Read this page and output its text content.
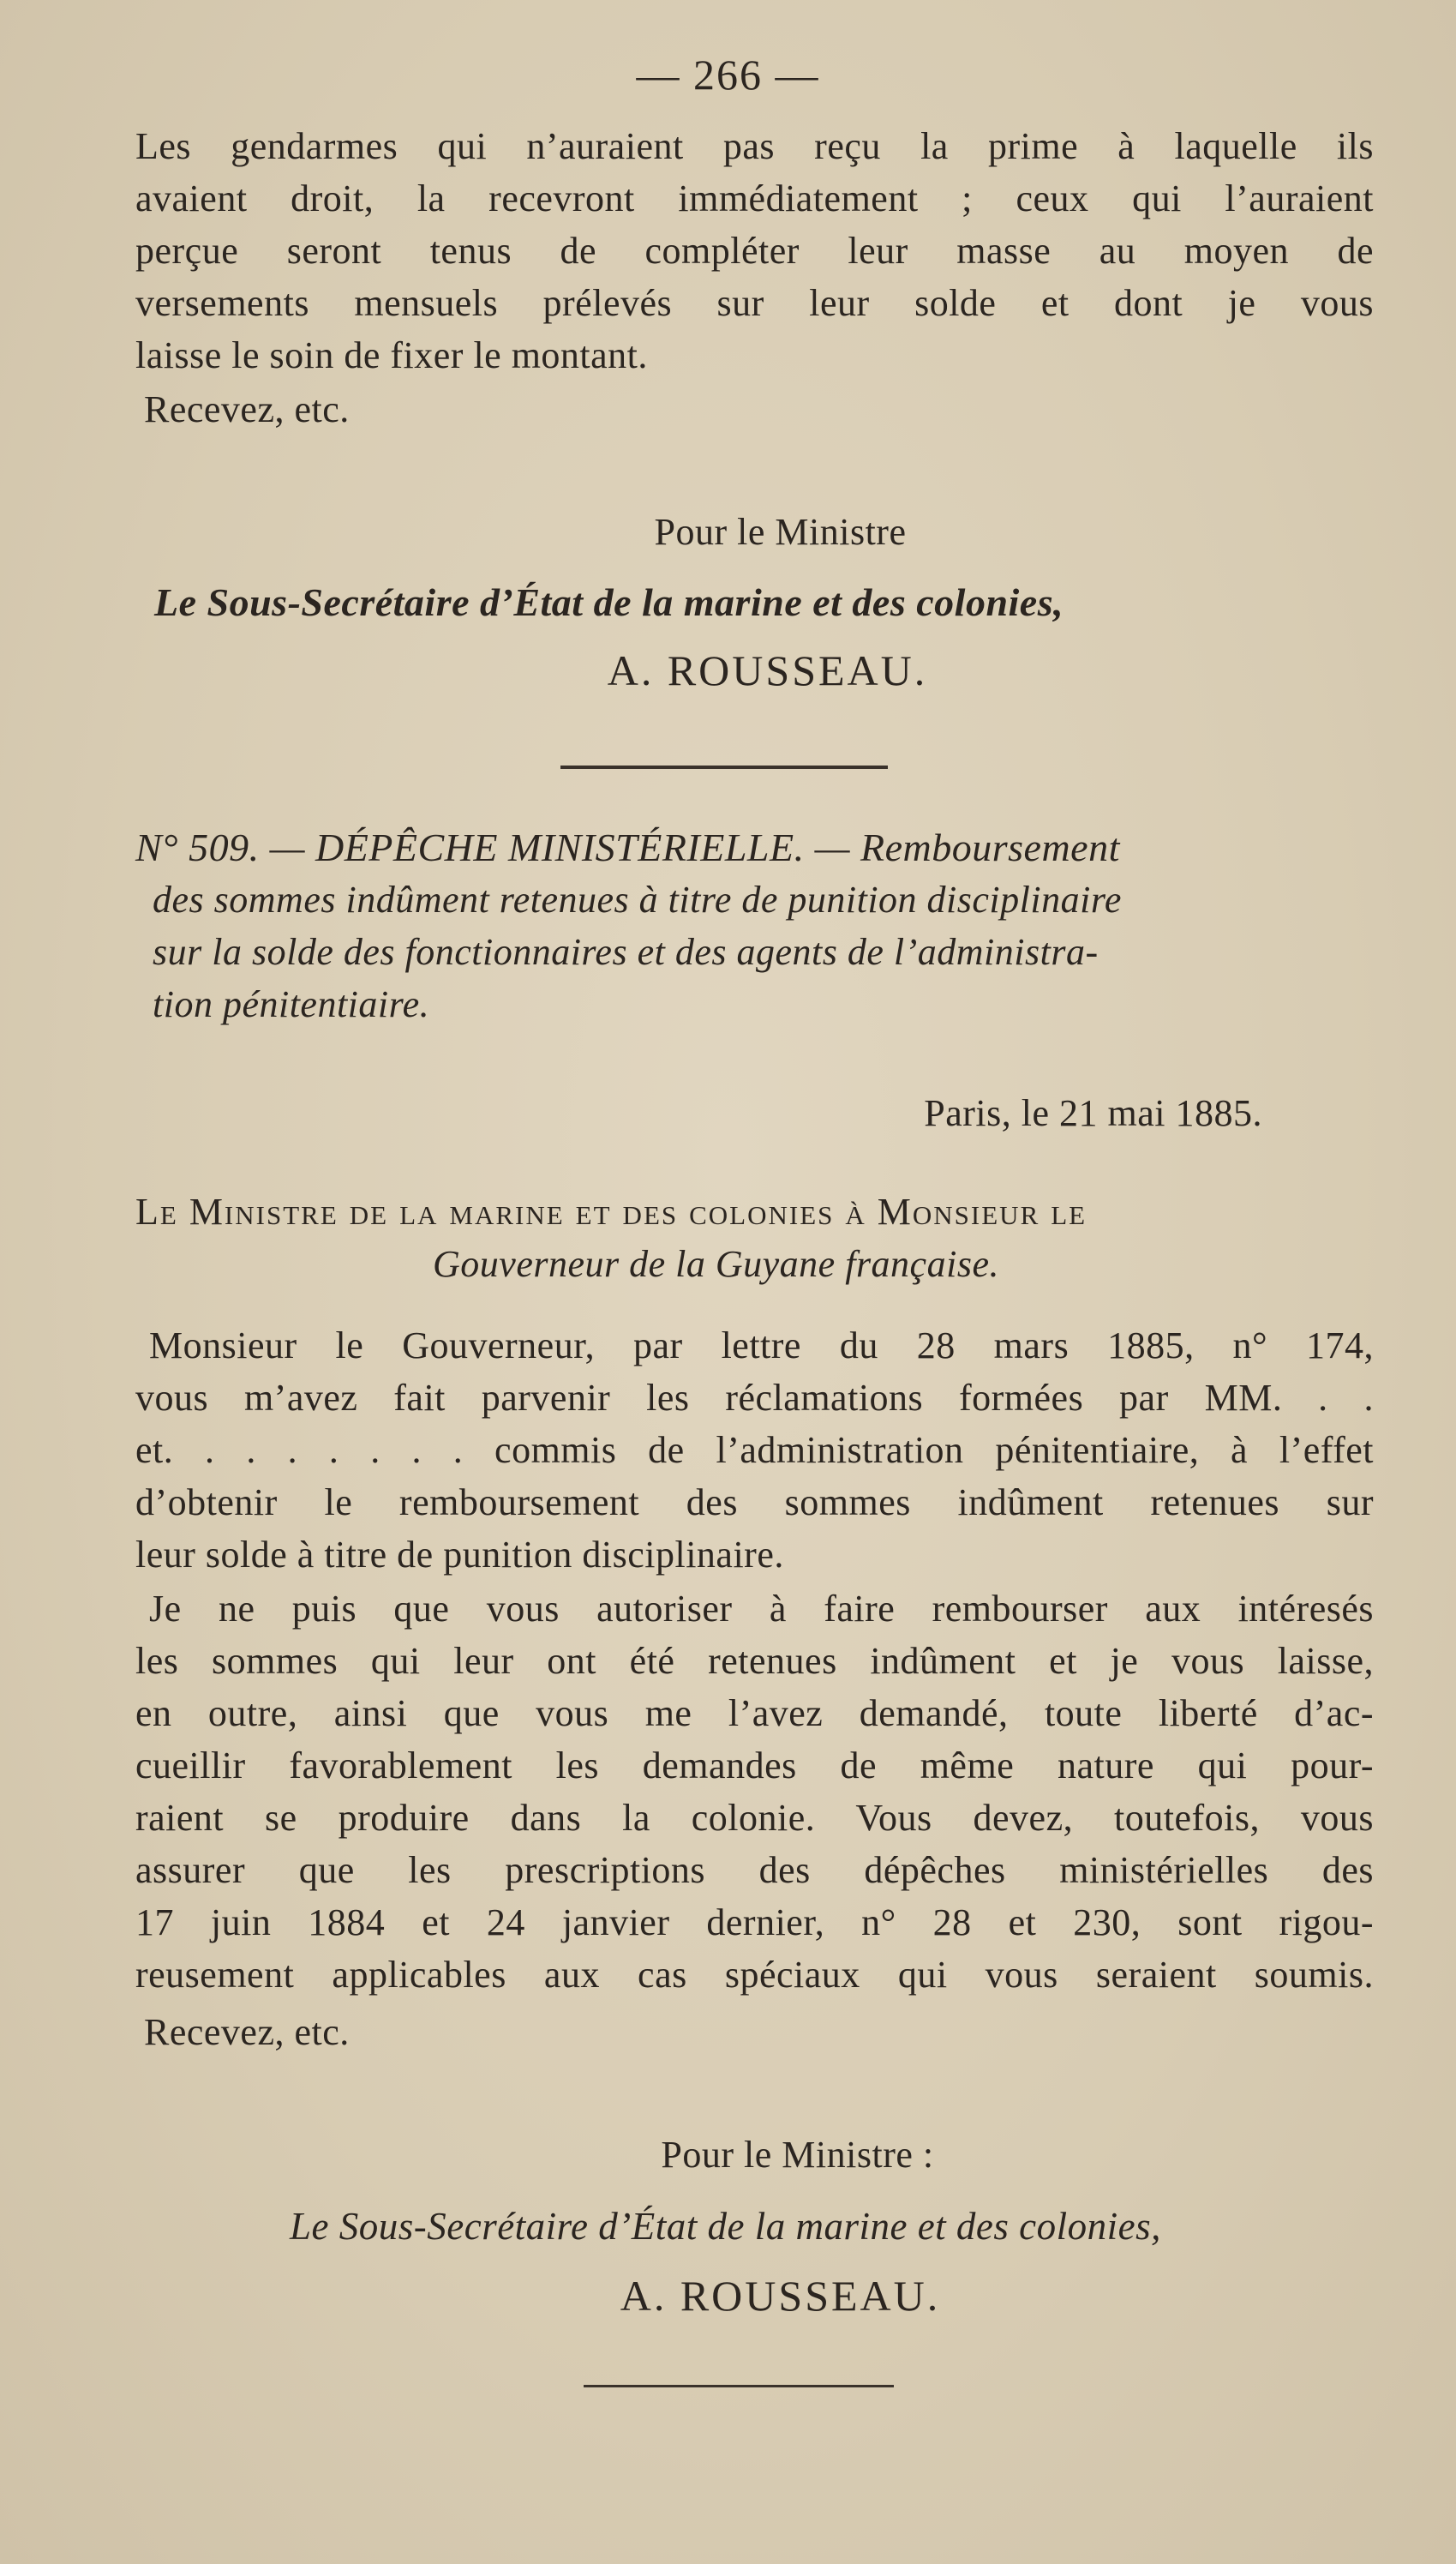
— 266 —
Les gendarmes qui n’auraient pas reçu la prime à laquelle ils
avaient droit, la recevront immédiatement ; ceux qui l’auraient
perçue seront tenus de compléter leur masse au moyen de
versements mensuels prélevés sur leur solde et dont je vous
laisse le soin de fixer le montant.
Recevez, etc.
Pour le Ministre
Le Sous-Secrétaire d’État de la marine et des colonies,
A. ROUSSEAU.
N° 509. — DÉPÊCHE MINISTÉRIELLE. — Remboursement
des sommes indûment retenues à titre de punition disciplinaire
sur la solde des fonctionnaires et des agents de l’administra-
tion pénitentiaire.
Paris, le 21 mai 1885.
Le Ministre de la marine et des colonies à Monsieur le
Gouverneur de la Guyane française.
Monsieur le Gouverneur, par lettre du 28 mars 1885, n° 174,
vous m’avez fait parvenir les réclamations formées par MM. . .
et. . . . . . . . commis de l’administration pénitentiaire, à l’effet
d’obtenir le remboursement des sommes indûment retenues sur
leur solde à titre de punition disciplinaire.
Je ne puis que vous autoriser à faire rembourser aux intéresés
les sommes qui leur ont été retenues indûment et je vous laisse,
en outre, ainsi que vous me l’avez demandé, toute liberté d’ac-
cueillir favorablement les demandes de même nature qui pour-
raient se produire dans la colonie. Vous devez, toutefois, vous
assurer que les prescriptions des dépêches ministérielles des
17 juin 1884 et 24 janvier dernier, n° 28 et 230, sont rigou-
reusement applicables aux cas spéciaux qui vous seraient soumis.
Recevez, etc.
Pour le Ministre :
Le Sous-Secrétaire d’État de la marine et des colonies,
A. ROUSSEAU.
